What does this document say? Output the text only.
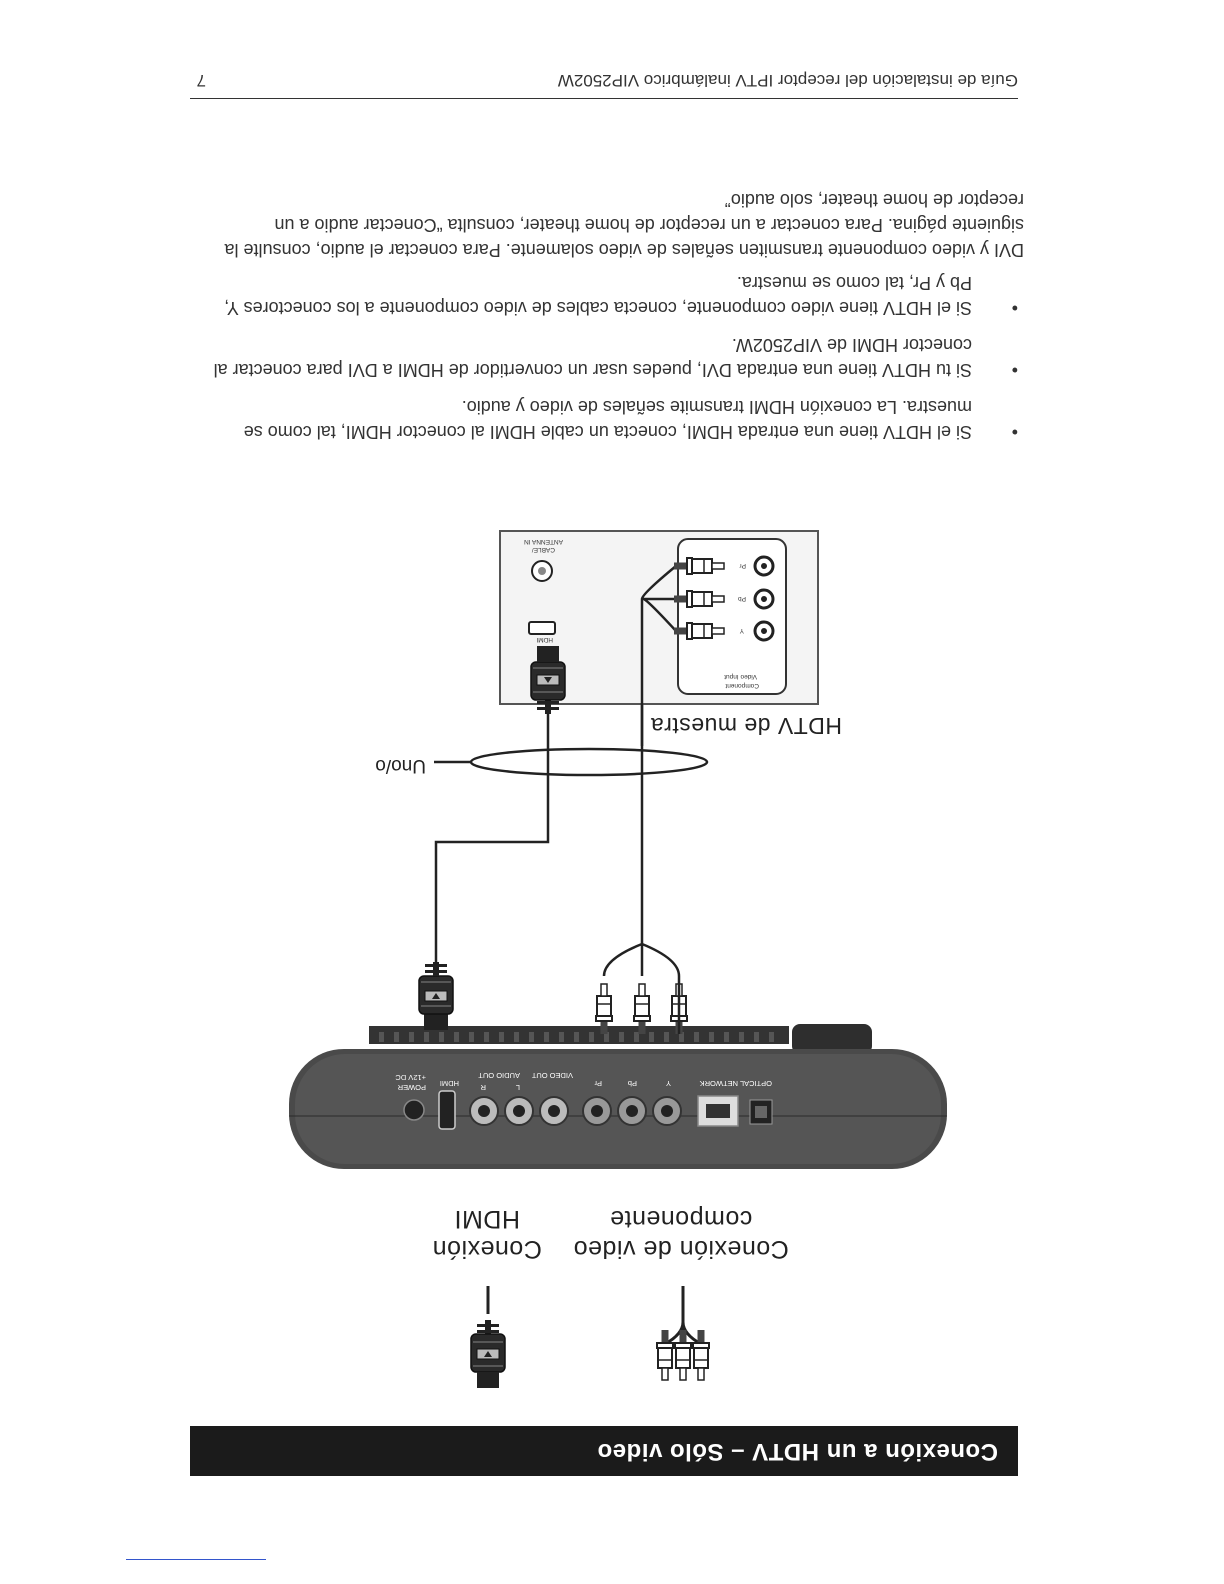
Conexión a un HDTV – Sólo video
OPTICAL
NETWORK
Y
Pb
Pr
VIDEO OUT
L
R
AUDIO OUT
HDMI
POWER
+12V DC
Component
Video Input
Y
Pb
Pr
HDMI
CABLE/
ANTENNA IN
Conexión de video componente
Conexión HDMI
HDTV de muestra
Uno/o
•
Si el HDTV tiene una entrada HDMI, conecta un cable HDMI al conector HDMI, tal como se muestra. La conexión HDMI transmite señales de video y audio.
•
Si tu HDTV tiene una entrada DVI, puedes usar un convertidor de HDMI a DVI para conectar al conector HDMI de VIP2502W.
•
Si el HDTV tiene video componente, conecta cables de video componente a los conectores Y, Pb y Pr, tal como se muestra.
DVI y video componente transmiten señales de video solamente. Para conectar el audio, consulte la siguiente página. Para conectar a un receptor de home theater, consulta “Conectar audio a un receptor de home theater, solo audio”
Guía de instalación del receptor IPTV inalámbrico VIP2502W
7
